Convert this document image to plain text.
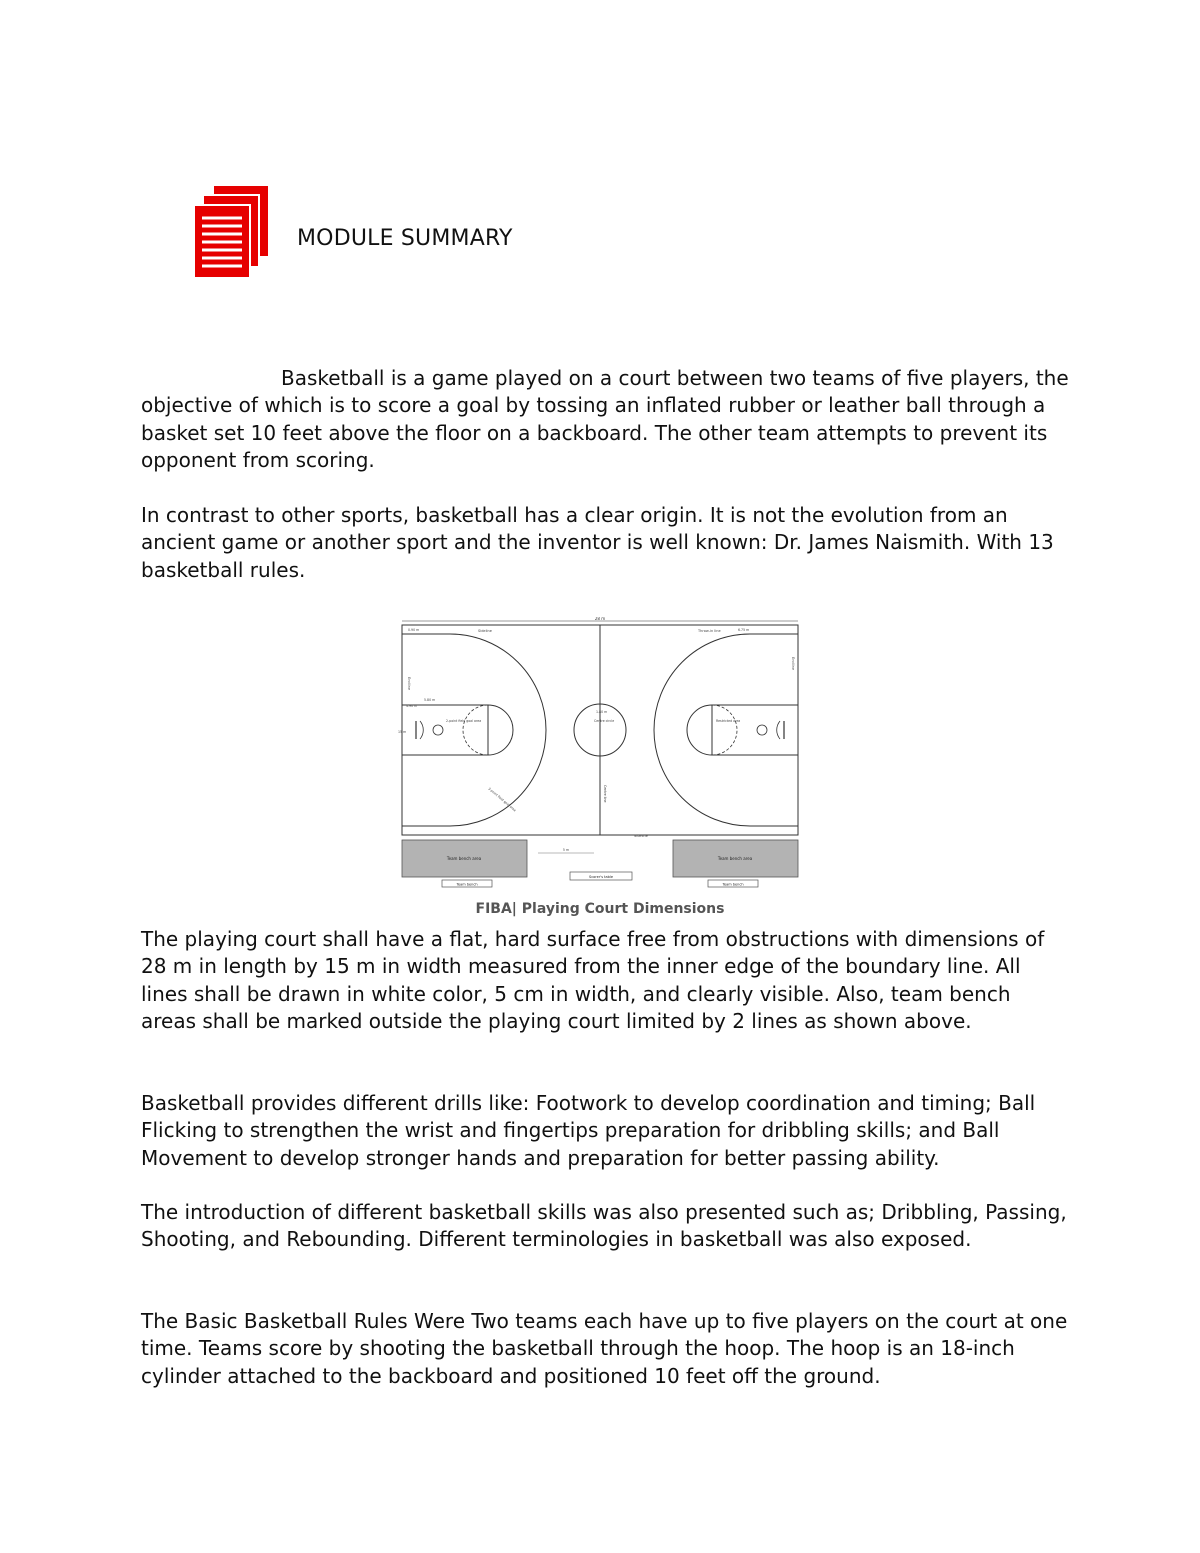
MODULE SUMMARY

Basketball is a game played on a court between two teams of five players, the objective of which is to score a goal by tossing an inflated rubber or leather ball through a basket set 10 feet above the floor on a backboard. The other team attempts to prevent its opponent from scoring.

In contrast to other sports, basketball has a clear origin. It is not the evolution from an ancient game or another sport and the inventor is well known: Dr. James Naismith. With 13 basketball rules.

28 m
Sideline	Throw-in line
Sideline
Endline
Endline
4.90 m
5.80 m
2-point field goal area	Restricted area
Centre circle
1.80 m
Centre line
3-point field goal area
15 m
0.90 m	6.75 m
Team bench area	Team bench area
Team bench	Team bench
Scorer's table
5 m
FIBA| Playing Court Dimensions

The playing court shall have a flat, hard surface free from obstructions with dimensions of 28 m in length by 15 m in width measured from the inner edge of the boundary line. All lines shall be drawn in white color, 5 cm in width, and clearly visible. Also, team bench areas shall be marked outside the playing court limited by 2 lines as shown above.

Basketball provides different drills like: Footwork to develop coordination and timing; Ball Flicking to strengthen the wrist and fingertips preparation for dribbling skills; and Ball Movement to develop stronger hands and preparation for better passing ability.

The introduction of different basketball skills was also presented such as; Dribbling, Passing, Shooting, and Rebounding. Different terminologies in basketball was also exposed.

The Basic Basketball Rules Were Two teams each have up to five players on the court at one time. Teams score by shooting the basketball through the hoop. The hoop is an 18-inch cylinder attached to the backboard and positioned 10 feet off the ground.
